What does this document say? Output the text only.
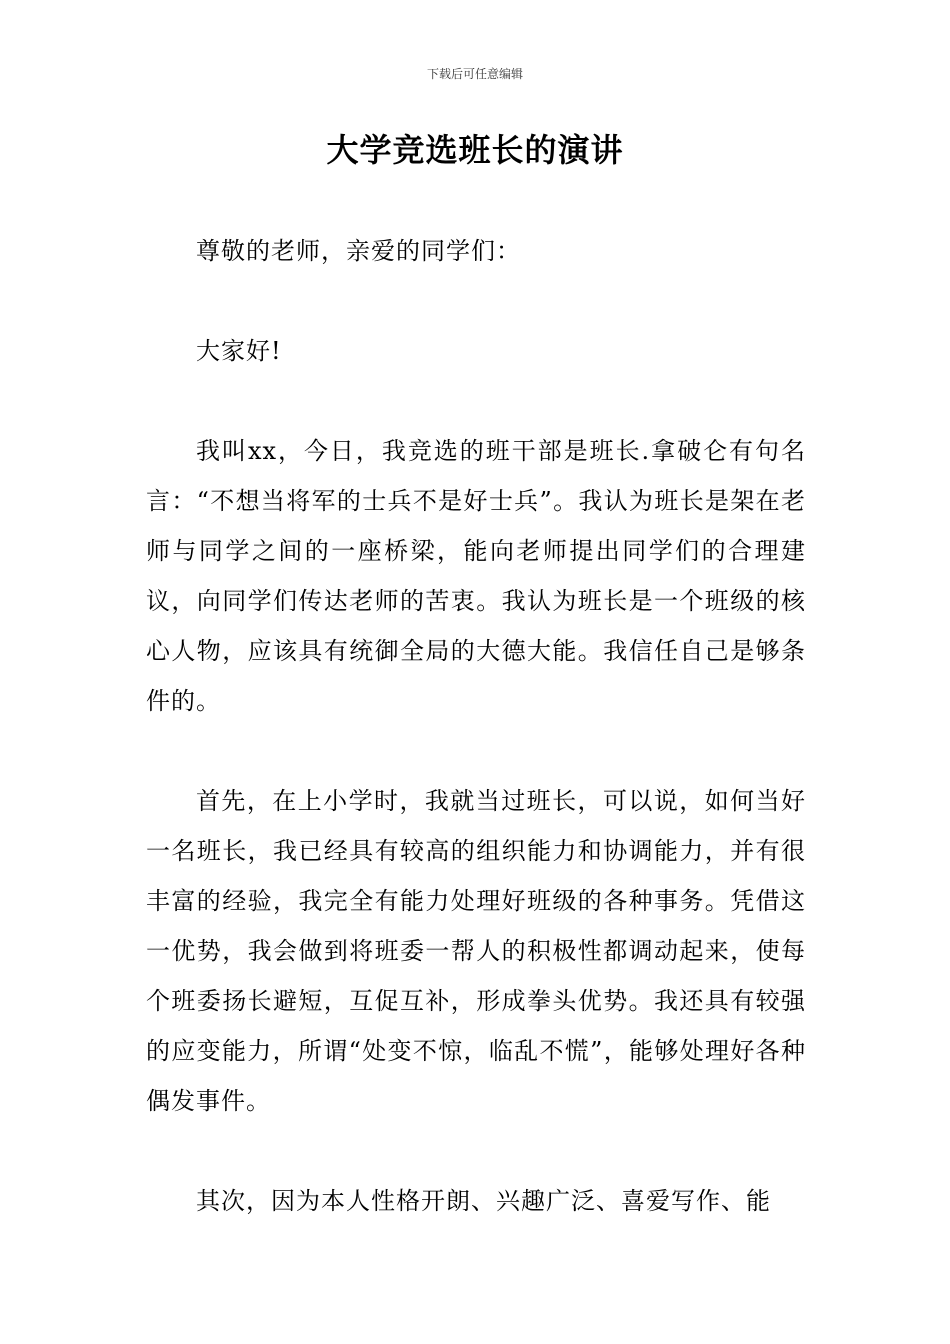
下载后可任意编辑
大学竞选班长的演讲

尊敬的老师，亲爱的同学们：

大家好!

我叫xx，今日，我竞选的班干部是班长.拿破仑有句名言：“不想当将军的士兵不是好士兵”。我认为班长是架在老师与同学之间的一座桥梁，能向老师提出同学们的合理建议，向同学们传达老师的苦衷。我认为班长是一个班级的核心人物，应该具有统御全局的大德大能。我信任自己是够条件的。

首先，在上小学时，我就当过班长，可以说，如何当好一名班长，我已经具有较高的组织能力和协调能力，并有很丰富的经验，我完全有能力处理好班级的各种事务。凭借这一优势，我会做到将班委一帮人的积极性都调动起来，使每个班委扬长避短，互促互补，形成拳头优势。我还具有较强的应变能力，所谓“处变不惊，临乱不慌”，能够处理好各种偶发事件。

其次，因为本人性格开朗、兴趣广泛、喜爱写作、能
